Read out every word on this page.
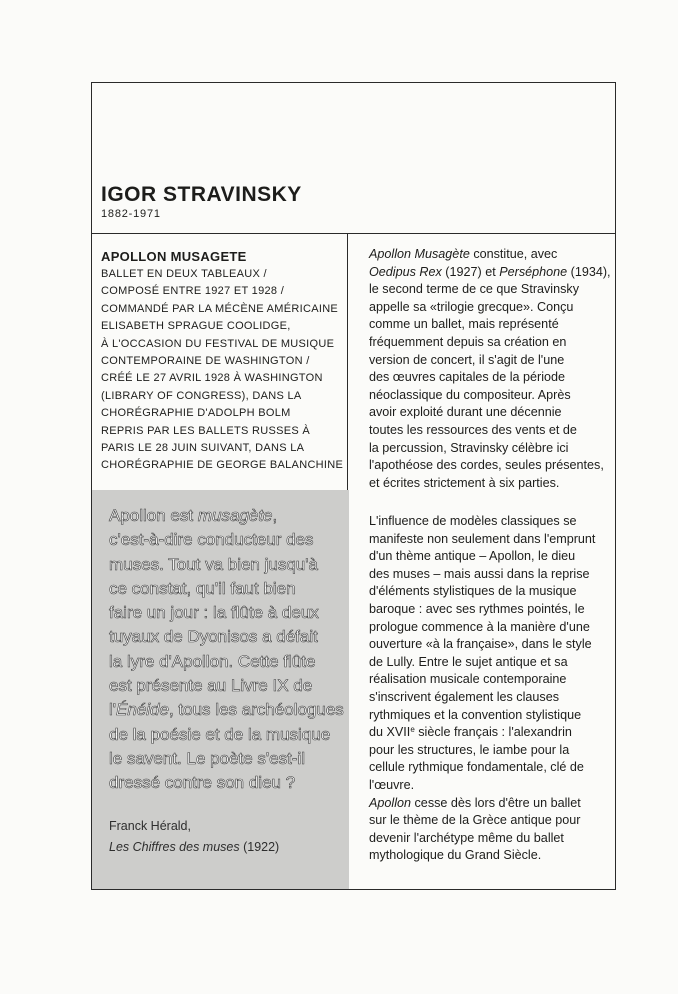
IGOR STRAVINSKY
1882-1971
APOLLON MUSAGETE
BALLET EN DEUX TABLEAUX /
COMPOSÉ ENTRE 1927 ET 1928 /
COMMANDÉ PAR LA MÉCÈNE AMÉRICAINE
ELISABETH SPRAGUE COOLIDGE,
À L'OCCASION DU FESTIVAL DE MUSIQUE
CONTEMPORAINE DE WASHINGTON /
CRÉÉ LE 27 AVRIL 1928 À WASHINGTON
(LIBRARY OF CONGRESS), DANS LA
CHORÉGRAPHIE D'ADOLPH BOLM
REPRIS PAR LES BALLETS RUSSES À
PARIS LE 28 JUIN SUIVANT, DANS LA
CHORÉGRAPHIE DE GEORGE BALANCHINE
Apollon est musagète,
c'est-à-dire conducteur des
muses. Tout va bien jusqu'à
ce constat, qu'il faut bien
faire un jour : la flûte à deux
tuyaux de Dyonisos a défait
la lyre d'Apollon. Cette flûte
est présente au Livre IX de
l'Énéide, tous les archéologues
de la poésie et de la musique
le savent. Le poète s'est-il
dressé contre son dieu ?
Franck Hérald,
Les Chiffres des muses (1922)
Apollon Musagète constitue, avec
Oedipus Rex (1927) et Perséphone (1934),
le second terme de ce que Stravinsky
appelle sa «trilogie grecque». Conçu
comme un ballet, mais représenté
fréquemment depuis sa création en
version de concert, il s'agit de l'une
des œuvres capitales de la période
néoclassique du compositeur. Après
avoir exploité durant une décennie
toutes les ressources des vents et de
la percussion, Stravinsky célèbre ici
l'apothéose des cordes, seules présentes,
et écrites strictement à six parties.
L'influence de modèles classiques se
manifeste non seulement dans l'emprunt
d'un thème antique – Apollon, le dieu
des muses – mais aussi dans la reprise
d'éléments stylistiques de la musique
baroque : avec ses rythmes pointés, le
prologue commence à la manière d'une
ouverture «à la française», dans le style
de Lully. Entre le sujet antique et sa
réalisation musicale contemporaine
s'inscrivent également les clauses
rythmiques et la convention stylistique
du XVIIe siècle français : l'alexandrin
pour les structures, le iambe pour la
cellule rythmique fondamentale, clé de
l'œuvre.
Apollon cesse dès lors d'être un ballet
sur le thème de la Grèce antique pour
devenir l'archétype même du ballet
mythologique du Grand Siècle.
